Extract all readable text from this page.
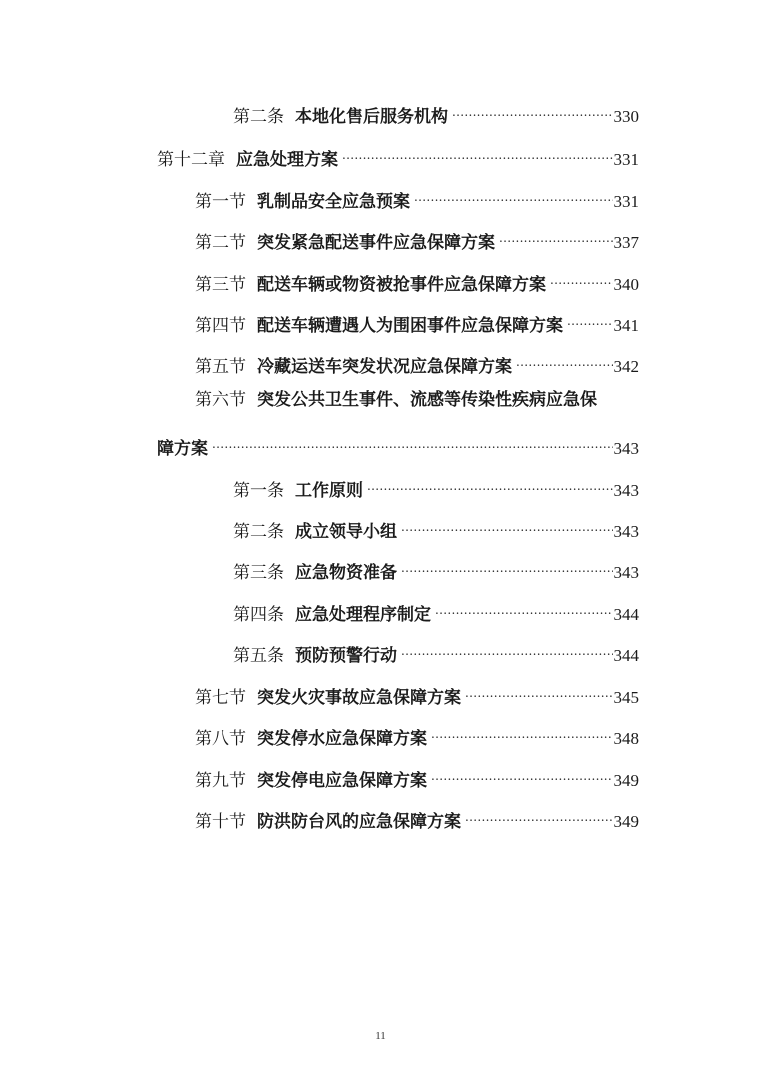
第二条 本地化售后服务机构 .....	330
第十二章 应急处理方案 .....	331
第一节 乳制品安全应急预案 .....	331
第二节 突发紧急配送事件应急保障方案 .....	337
第三节 配送车辆或物资被抢事件应急保障方案 .....	340
第四节 配送车辆遭遇人为围困事件应急保障方案 .....	341
第五节 冷藏运送车突发状况应急保障方案 .....	342
第六节 突发公共卫生事件、流感等传染性疾病应急保
障方案 .....	343
第一条 工作原则 .....	343
第二条 成立领导小组 .....	343
第三条 应急物资准备 .....	343
第四条 应急处理程序制定 .....	344
第五条 预防预警行动 .....	344
第七节 突发火灾事故应急保障方案 .....	345
第八节 突发停水应急保障方案 .....	348
第九节 突发停电应急保障方案 .....	349
第十节 防洪防台风的应急保障方案 .....	349
11
